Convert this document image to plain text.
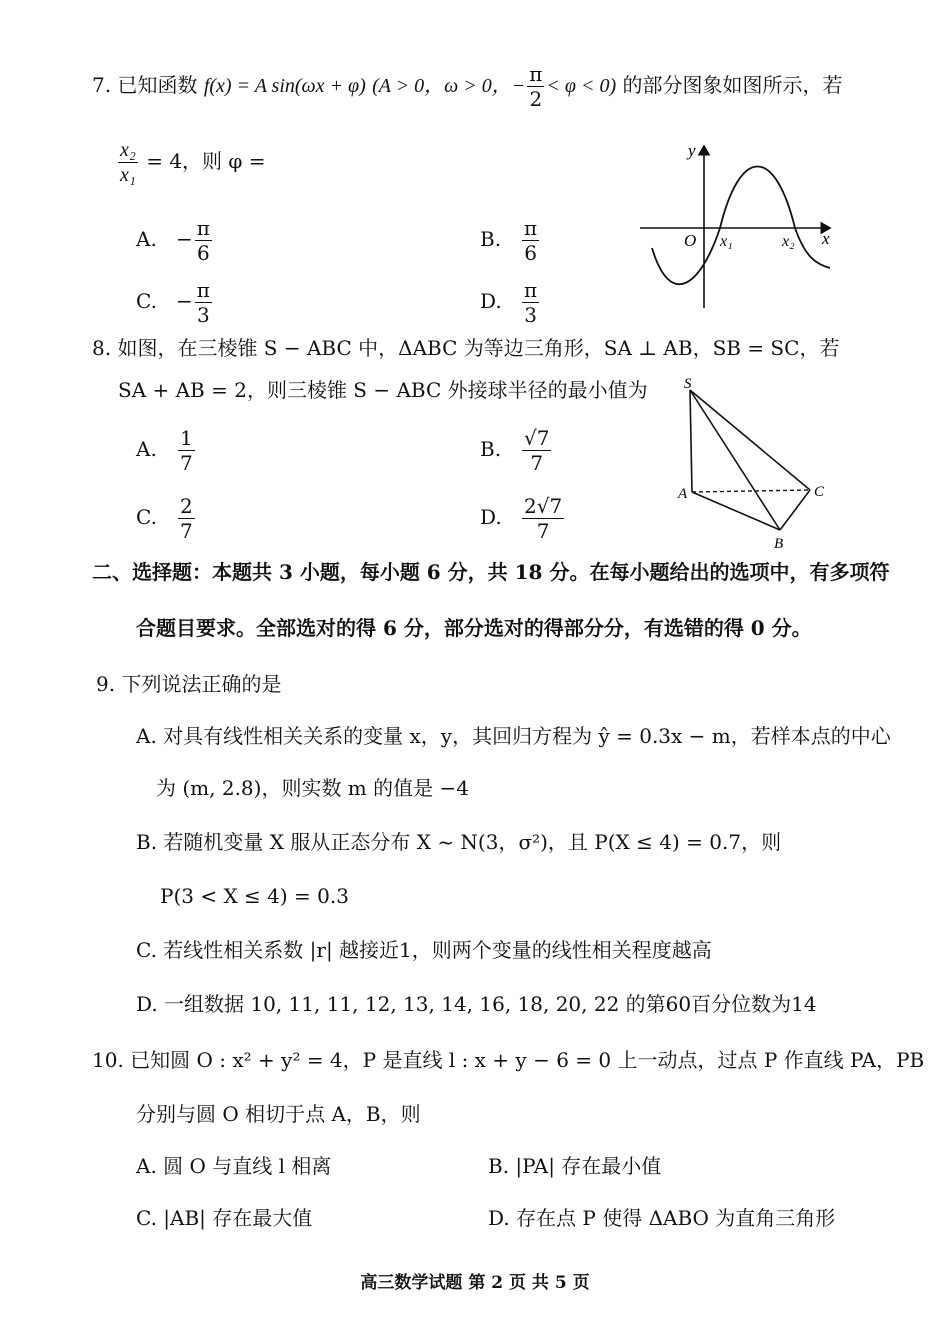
7. 已知函数 f(x) = A sin(ωx + φ) (A > 0，ω > 0，− $\frac{\pi}{2} < \varphi < 0$) 的部分图象如图所示，若
$\frac{\text{x₂}}{\text{x₁}} = 4$，则 φ =
A. − $\frac{\pi}{6}$	B. $\frac{\pi}{6}$
C. − $\frac{\pi}{3}$	D. $\frac{\pi}{3}$
y
x
O x₁	x₂
8. 如图，在三棱锥 S − ABC 中，ΔABC 为等边三角形，SA ⊥ AB，SB = SC，若
SA + AB = 2，则三棱锥 S − ABC 外接球半径的最小值为
A. $\frac{1}{7}$	B. $\frac{√7}{7}$
C. $\frac{2}{7}$	D. $\frac{2√7}{7}$
S
A
B
C
二、选择题：本题共 3 小题，每小题 6 分，共 18 分。在每小题给出的选项中，有多项符
合题目要求。全部选对的得 6 分，部分选对的得部分分，有选错的得 0 分。
9. 下列说法正确的是
A. 对具有线性相关关系的变量 x，y，其回归方程为 ŷ = 0.3x − m，若样本点的中心
为 (m, 2.8)，则实数 m 的值是 −4
B. 若随机变量 X 服从正态分布 X ~ N(3，σ²)，且 P(X ≤ 4) = 0.7，则
P(3 < X ≤ 4) = 0.3
C. 若线性相关系数 |r| 越接近1，则两个变量的线性相关程度越高
D. 一组数据 10, 11, 11, 12, 13, 14, 16, 18, 20, 22 的第60百分位数为14
10. 已知圆 O : x² + y² = 4，P 是直线 l : x + y − 6 = 0 上一动点，过点 P 作直线 PA，PB
分别与圆 O 相切于点 A，B，则
A. 圆 O 与直线 l 相离	B. |PA| 存在最小值
C. |AB| 存在最大值	D. 存在点 P 使得 ΔABO 为直角三角形
高三数学试题 第 2 页 共 5 页
